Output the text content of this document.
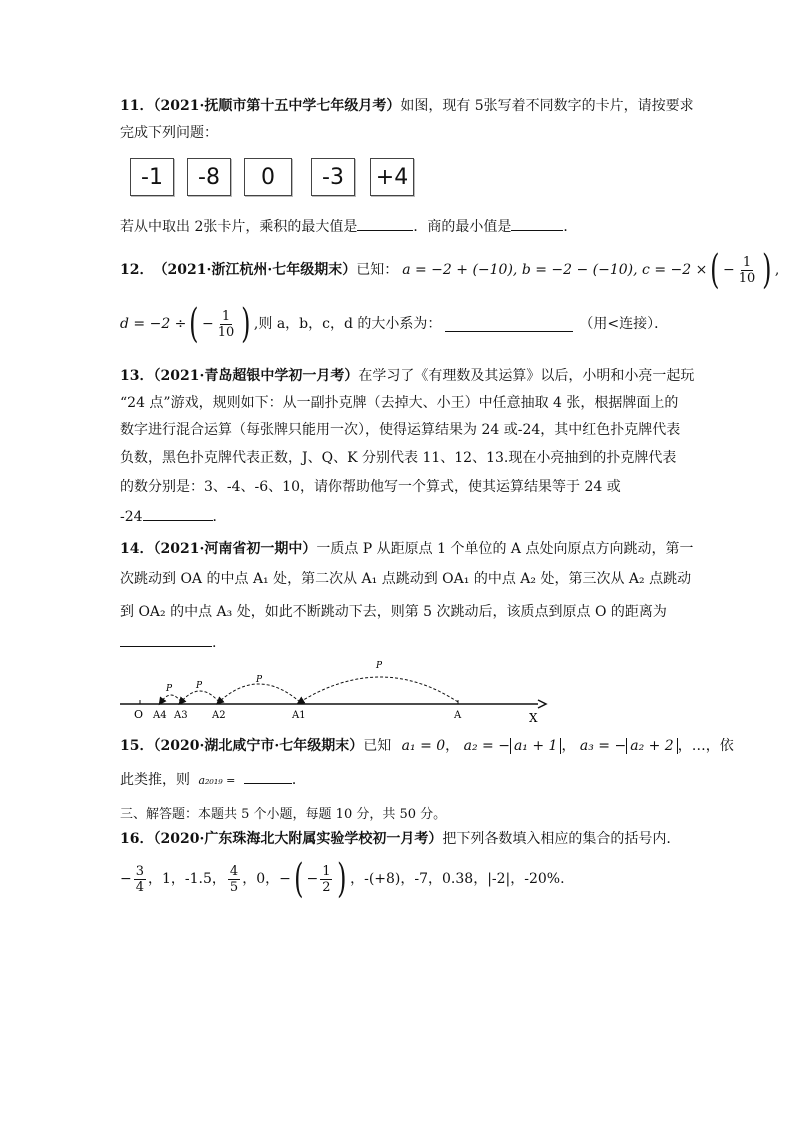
11．（2021·抚顺市第十五中学七年级月考）如图，现有 5张写着不同数字的卡片，请按要求
完成下列问题：
-1	-8	0	-3	+4
若从中取出 2张卡片，乘积的最大值是	．商的最小值是	．
12． （2021·浙江杭州·七年级期末） 已知： a = −2 + (−10), b = −2 − (−10), c = −2 × ( − $\frac{1}{10}$ ) ,
d = −2 ÷ ( − $\frac{1}{10}$ ) ,则 a，b，c，d 的大小系为：	（用<连接）．
13．（2021·青岛超银中学初一月考）在学习了《有理数及其运算》以后，小明和小亮一起玩
“24 点”游戏，规则如下：从一副扑克牌（去掉大、小王）中任意抽取 4 张，根据牌面上的
数字进行混合运算（每张牌只能用一次），使得运算结果为 24 或-24，其中红色扑克牌代表
负数，黑色扑克牌代表正数，J、Q、K 分别代表 11、12、13.现在小亮抽到的扑克牌代表
的数分别是：3、-4、-6、10，请你帮助他写一个算式，使其运算结果等于 24 或
-24	．
14．（2021·河南省初一期中）一质点 P 从距原点 1 个单位的 A 点处向原点方向跳动，第一
次跳动到 OA 的中点 A₁ 处，第二次从 A₁ 点跳动到 OA₁ 的中点 A₂ 处，第三次从 A₂ 点跳动
到 OA₂ 的中点 A₃ 处，如此不断跳动下去，则第 5 次跳动后，该质点到原点 O 的距离为
.
P
P
P
P
O A4 A3 A2	A1	A	X
15．（2020·湖北咸宁市·七年级期末）已知 a₁ = 0， a₂ = − a₁ + 1 ， a₃ = − a₂ + 2 ，…，依
此类推，则 a₂₀₁₉ =	．
三、解答题：本题共 5 个小题，每题 10 分，共 50 分。
16．（2020·广东珠海北大附属实验学校初一月考）把下列各数填入相应的集合的括号内.
− $\frac{3}{4}$ ，1，-1.5， $\frac{4}{5}$ ，0， − ( − $\frac{1}{2}$ ) ，-(+8)，-7，0.38，|-2|，-20%.
